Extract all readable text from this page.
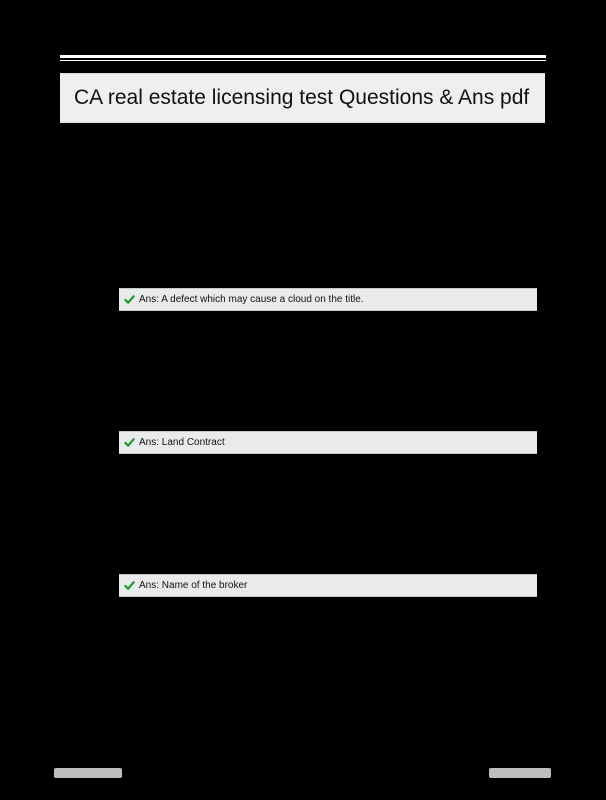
CA real estate licensing test Questions & Ans pdf
Ans: A defect which may cause a cloud on the title.
Ans: Land Contract
Ans: Name of the broker
